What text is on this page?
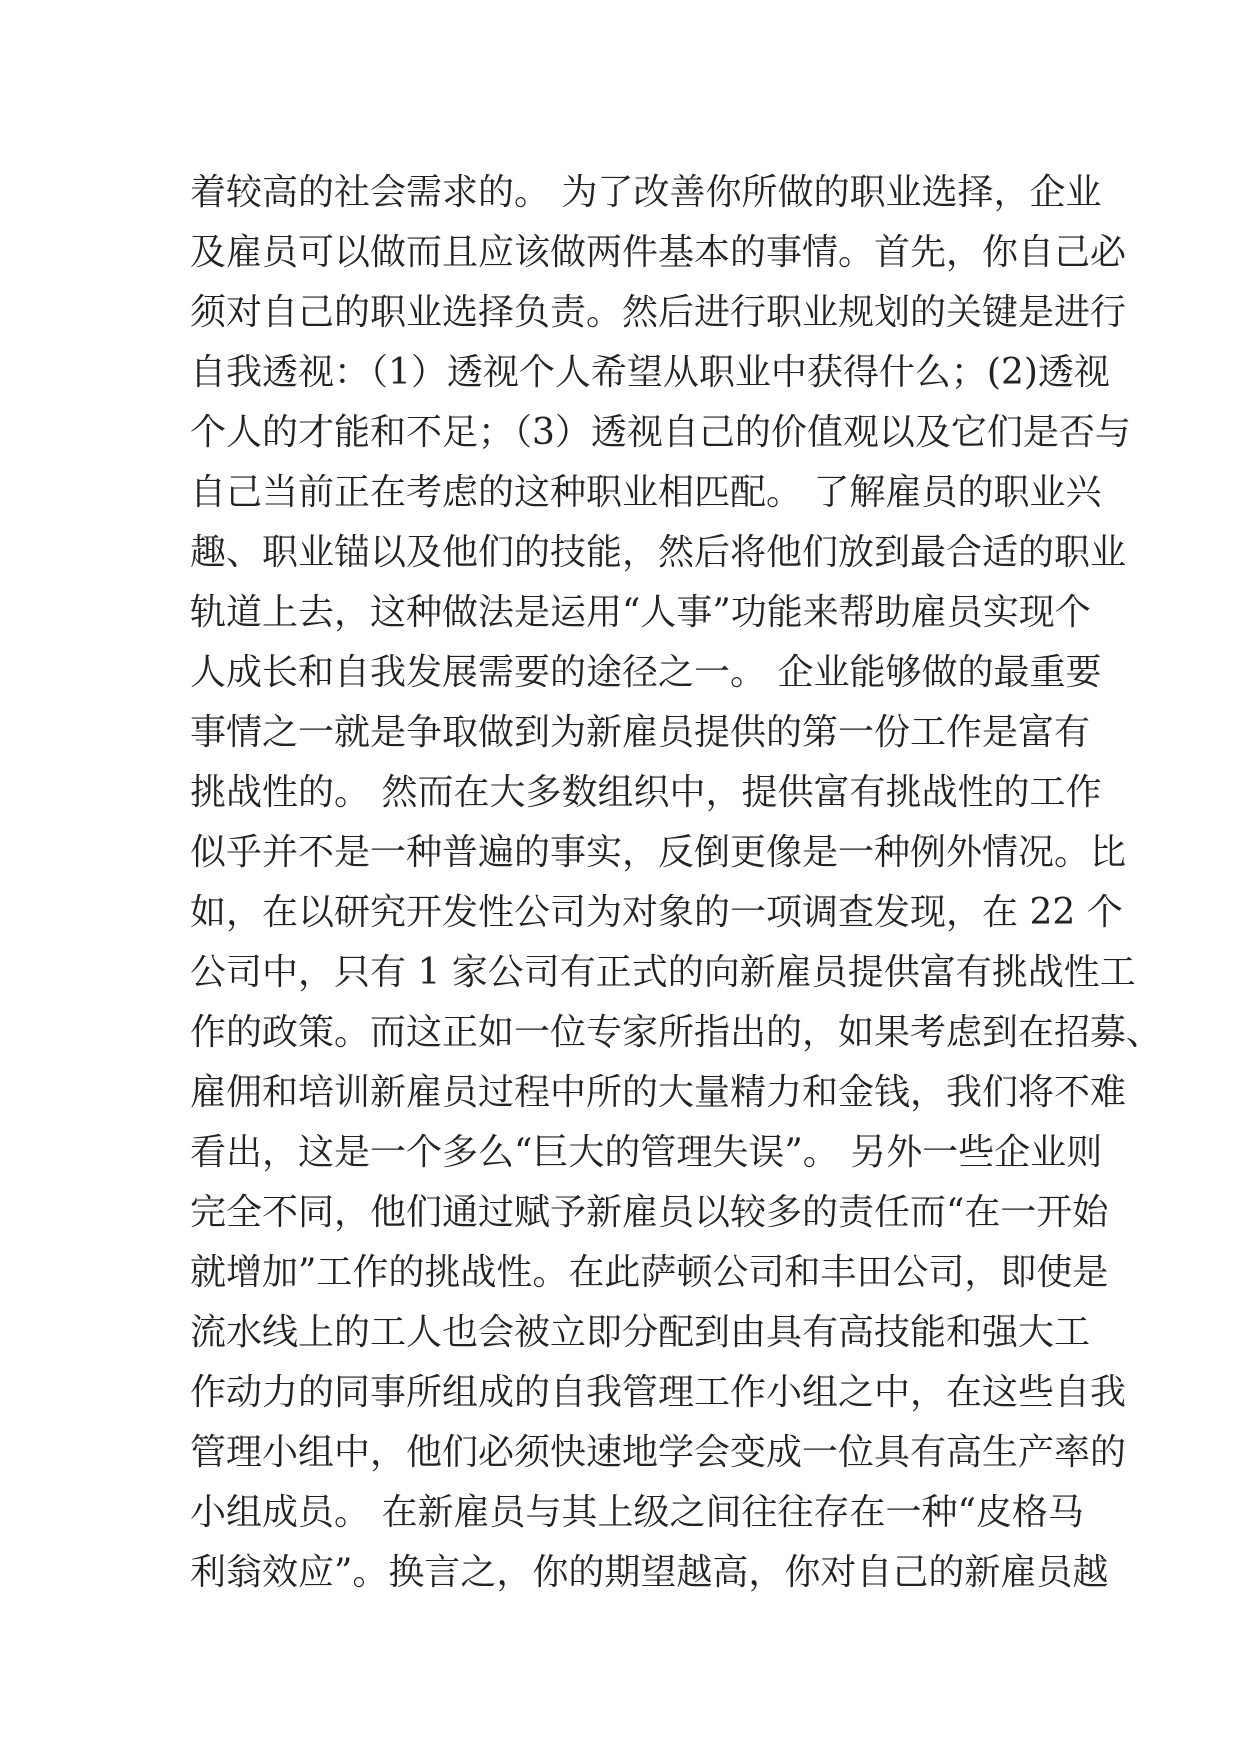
着较高的社会需求的。 为了改善你所做的职业选择，企业
及雇员可以做而且应该做两件基本的事情。首先，你自己必
须对自己的职业选择负责。然后进行职业规划的关键是进行
自我透视：（1）透视个人希望从职业中获得什么；(2)透视
个人的才能和不足；（3）透视自己的价值观以及它们是否与
自己当前正在考虑的这种职业相匹配。 了解雇员的职业兴
趣、职业锚以及他们的技能，然后将他们放到最合适的职业
轨道上去，这种做法是运用“人事”功能来帮助雇员实现个
人成长和自我发展需要的途径之一。 企业能够做的最重要
事情之一就是争取做到为新雇员提供的第一份工作是富有
挑战性的。 然而在大多数组织中，提供富有挑战性的工作
似乎并不是一种普遍的事实，反倒更像是一种例外情况。比
如，在以研究开发性公司为对象的一项调查发现，在 22 个
公司中，只有 1 家公司有正式的向新雇员提供富有挑战性工
作的政策。而这正如一位专家所指出的，如果考虑到在招募、
雇佣和培训新雇员过程中所的大量精力和金钱，我们将不难
看出，这是一个多么“巨大的管理失误”。 另外一些企业则
完全不同，他们通过赋予新雇员以较多的责任而“在一开始
就增加”工作的挑战性。在此萨顿公司和丰田公司，即使是
流水线上的工人也会被立即分配到由具有高技能和强大工
作动力的同事所组成的自我管理工作小组之中，在这些自我
管理小组中，他们必须快速地学会变成一位具有高生产率的
小组成员。 在新雇员与其上级之间往往存在一种“皮格马
利翁效应”。换言之，你的期望越高，你对自己的新雇员越
